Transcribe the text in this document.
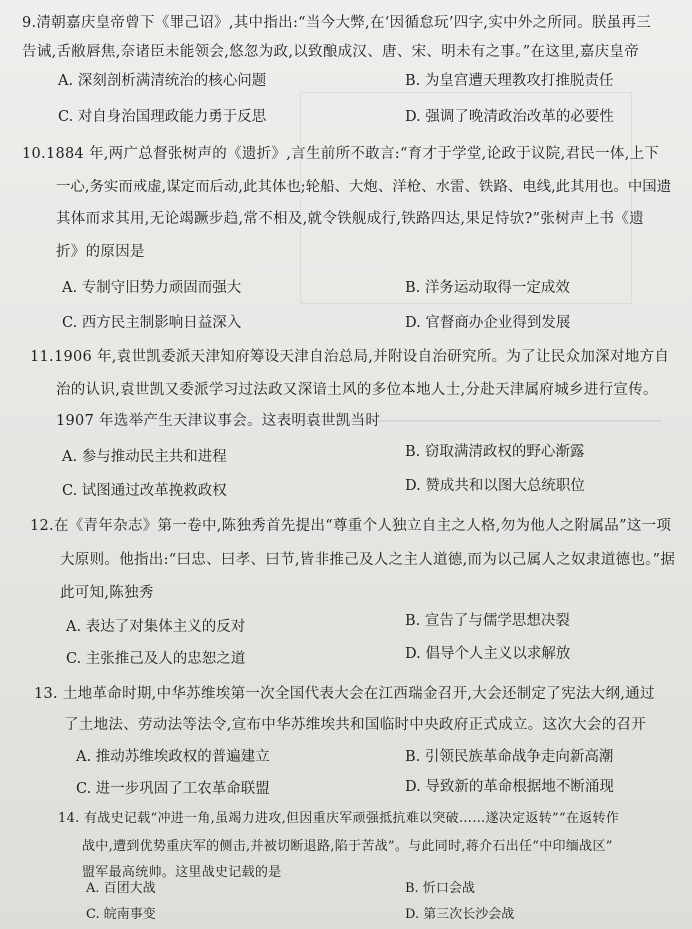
9.清朝嘉庆皇帝曾下《罪己诏》,其中指出:“当今大弊,在‘因循怠玩’四字,实中外之所同。朕虽再三
告诫,舌敝唇焦,奈诸臣未能领会,悠忽为政,以致酿成汉、唐、宋、明未有之事。”在这里,嘉庆皇帝
A. 深刻剖析满清统治的核心问题	B. 为皇宫遭天理教攻打推脱责任
C. 对自身治国理政能力勇于反思	D. 强调了晚清政治改革的必要性
10.1884 年,两广总督张树声的《遗折》,言生前所不敢言:“育才于学堂,论政于议院,君民一体,上下
一心,务实而戒虚,谋定而后动,此其体也;轮船、大炮、洋枪、水雷、铁路、电线,此其用也。中国遗
其体而求其用,无论竭蹶步趋,常不相及,就令铁舰成行,铁路四达,果足恃欤?”张树声上书《遗
折》的原因是
A. 专制守旧势力顽固而强大	B. 洋务运动取得一定成效
C. 西方民主制影响日益深入	D. 官督商办企业得到发展
11.1906 年,袁世凯委派天津知府筹设天津自治总局,并附设自治研究所。为了让民众加深对地方自
治的认识,袁世凯又委派学习过法政又深谙土风的多位本地人士,分赴天津属府城乡进行宣传。
1907 年选举产生天津议事会。这表明袁世凯当时
A. 参与推动民主共和进程	B. 窃取满清政权的野心渐露
C. 试图通过改革挽救政权	D. 赞成共和以图大总统职位
12.在《青年杂志》第一卷中,陈独秀首先提出“尊重个人独立自主之人格,勿为他人之附属品”这一项
大原则。他指出:“曰忠、曰孝、曰节,皆非推己及人之主人道德,而为以己属人之奴隶道德也。”据
此可知,陈独秀
A. 表达了对集体主义的反对	B. 宣告了与儒学思想决裂
C. 主张推己及人的忠恕之道	D. 倡导个人主义以求解放
13. 土地革命时期,中华苏维埃第一次全国代表大会在江西瑞金召开,大会还制定了宪法大纲,通过
了土地法、劳动法等法令,宣布中华苏维埃共和国临时中央政府正式成立。这次大会的召开
A. 推动苏维埃政权的普遍建立	B. 引领民族革命战争走向新高潮
C. 进一步巩固了工农革命联盟	D. 导致新的革命根据地不断涌现
14. 有战史记载“冲进一角,虽竭力进攻,但因重庆军顽强抵抗难以突破……遂决定返转”“在返转作
战中,遭到优势重庆军的侧击,并被切断退路,陷于苦战”。与此同时,蒋介石出任“中印缅战区”
盟军最高统帅。这里战史记载的是
A. 百团大战	B. 忻口会战
C. 皖南事变	D. 第三次长沙会战
